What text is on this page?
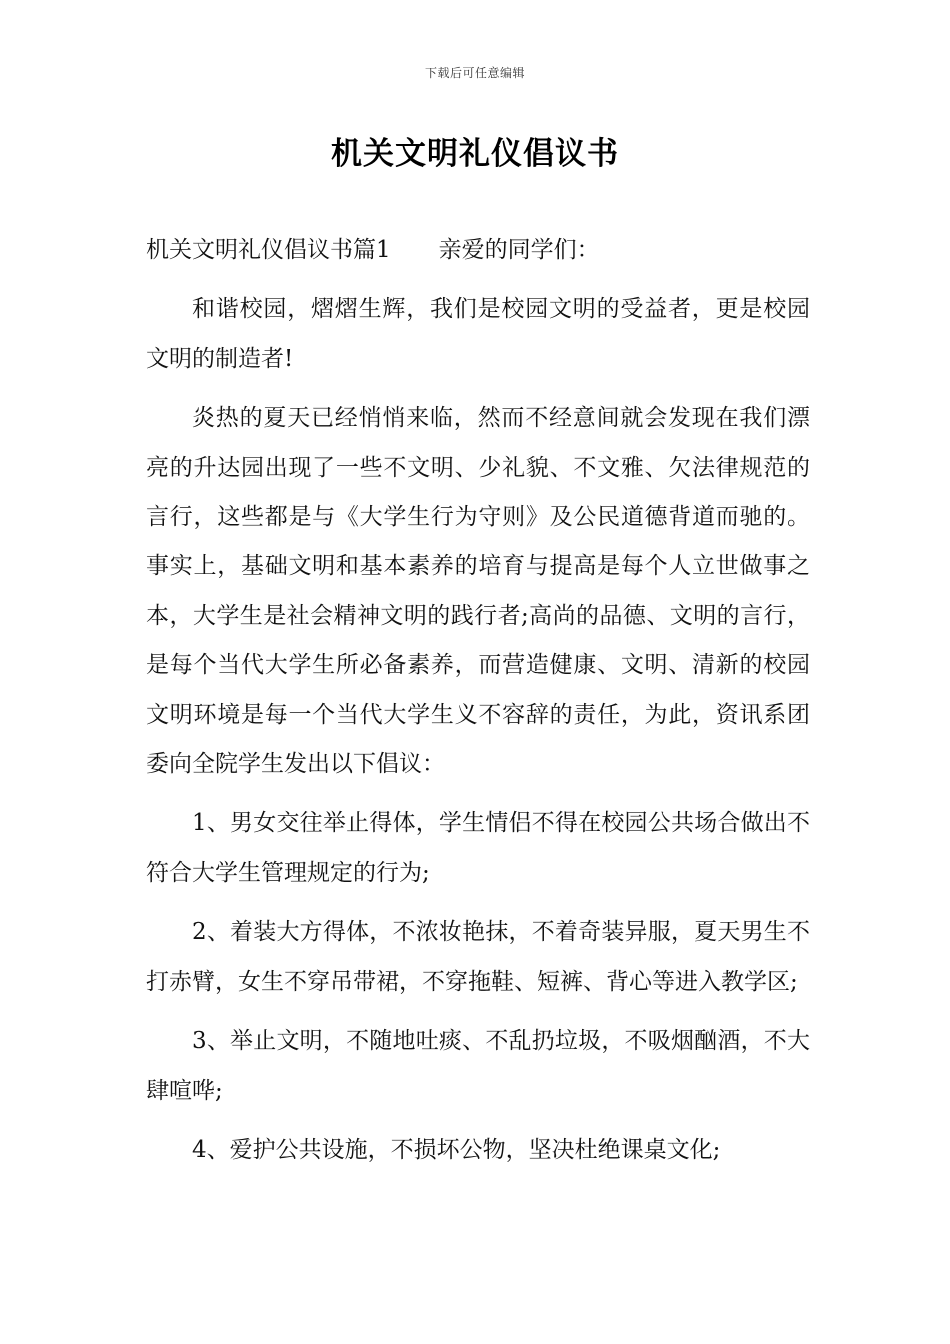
下载后可任意编辑
机关文明礼仪倡议书

机关文明礼仪倡议书篇1 亲爱的同学们：

和谐校园，熠熠生辉，我们是校园文明的受益者，更是校园文明的制造者!

炎热的夏天已经悄悄来临，然而不经意间就会发现在我们漂亮的升达园出现了一些不文明、少礼貌、不文雅、欠法律规范的言行，这些都是与《大学生行为守则》及公民道德背道而驰的。事实上，基础文明和基本素养的培育与提高是每个人立世做事之本，大学生是社会精神文明的践行者;高尚的品德、文明的言行，是每个当代大学生所必备素养，而营造健康、文明、清新的校园文明环境是每一个当代大学生义不容辞的责任，为此，资讯系团委向全院学生发出以下倡议：

1、男女交往举止得体，学生情侣不得在校园公共场合做出不符合大学生管理规定的行为;

2、着装大方得体，不浓妆艳抹，不着奇装异服，夏天男生不打赤臂，女生不穿吊带裙，不穿拖鞋、短裤、背心等进入教学区;

3、举止文明，不随地吐痰、不乱扔垃圾，不吸烟酗酒，不大肆喧哗;

4、爱护公共设施，不损坏公物，坚决杜绝课桌文化;
